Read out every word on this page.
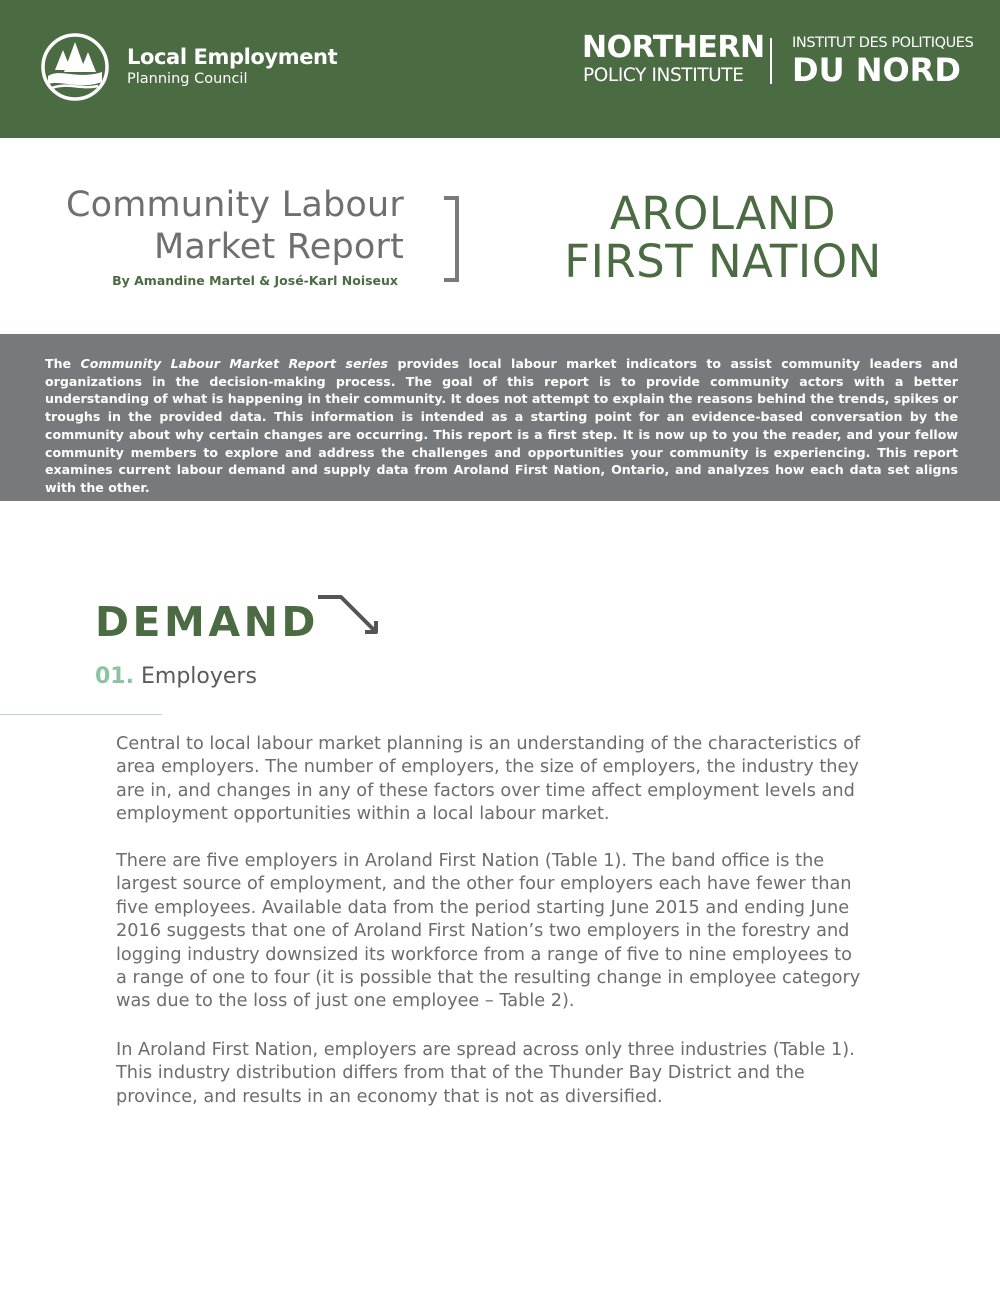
Local Employment
Planning Council
NORTHERN
POLICY INSTITUTE
INSTITUT DES POLITIQUES
DU NORD
Community Labour
Market Report
By Amandine Martel & José-Karl Noiseux
AROLAND
FIRST NATION
The Community Labour Market Report series provides local labour market indicators to assist community leaders and organizations in the decision-making process. The goal of this report is to provide community actors with a better understanding of what is happening in their community. It does not attempt to explain the reasons behind the trends, spikes or troughs in the provided data. This information is intended as a starting point for an evidence-based conversation by the community about why certain changes are occurring. This report is a first step. It is now up to you the reader, and your fellow community members to explore and address the challenges and opportunities your community is experiencing. This report examines current labour demand and supply data from Aroland First Nation, Ontario, and analyzes how each data set aligns with the other.
DEMAND
01. Employers

Central to local labour market planning is an understanding of the characteristics of area employers. The number of employers, the size of employers, the industry they are in, and changes in any of these factors over time affect employment levels and employment opportunities within a local labour market.

There are five employers in Aroland First Nation (Table 1). The band office is the largest source of employment, and the other four employers each have fewer than five employees. Available data from the period starting June 2015 and ending June 2016 suggests that one of Aroland First Nation’s two employers in the forestry and logging industry downsized its workforce from a range of five to nine employees to a range of one to four (it is possible that the resulting change in employee category was due to the loss of just one employee – Table 2).

In Aroland First Nation, employers are spread across only three industries (Table 1). This industry distribution differs from that of the Thunder Bay District and the province, and results in an economy that is not as diversified.
